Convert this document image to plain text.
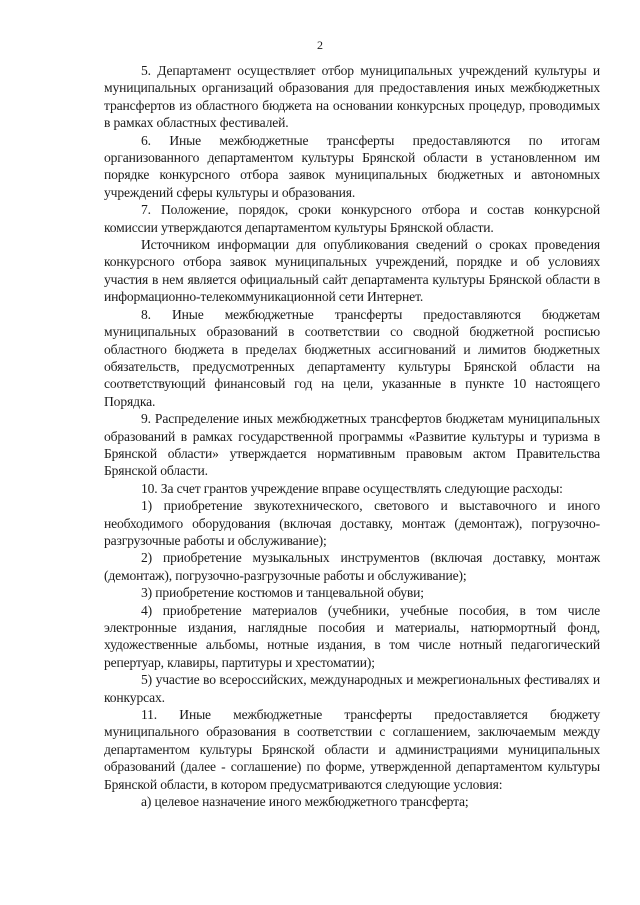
2

5. Департамент осуществляет отбор муниципальных учреждений культуры и муниципальных организаций образования для предоставления иных межбюджетных трансфертов из областного бюджета на основании конкурсных процедур, проводимых в рамках областных фестивалей.

6. Иные межбюджетные трансферты предоставляются по итогам организованного департаментом культуры Брянской области в установленном им порядке конкурсного отбора заявок муниципальных бюджетных и автономных учреждений сферы культуры и образования.

7. Положение, порядок, сроки конкурсного отбора и состав конкурсной комиссии утверждаются департаментом культуры Брянской области.

Источником информации для опубликования сведений о сроках проведения конкурсного отбора заявок муниципальных учреждений, порядке и об условиях участия в нем является официальный сайт департамента культуры Брянской области в информационно-телекоммуникационной сети Интернет.

8. Иные межбюджетные трансферты предоставляются бюджетам муниципальных образований в соответствии со сводной бюджетной росписью областного бюджета в пределах бюджетных ассигнований и лимитов бюджетных обязательств, предусмотренных департаменту культуры Брянской области на соответствующий финансовый год на цели, указанные в пункте 10 настоящего Порядка.

9. Распределение иных межбюджетных трансфертов бюджетам муниципальных образований в рамках государственной программы «Развитие культуры и туризма в Брянской области» утверждается нормативным правовым актом Правительства Брянской области.

10. За счет грантов учреждение вправе осуществлять следующие расходы:

1) приобретение звукотехнического, светового и выставочного и иного необходимого оборудования (включая доставку, монтаж (демонтаж), погрузочно-разгрузочные работы и обслуживание);

2) приобретение музыкальных инструментов (включая доставку, монтаж (демонтаж), погрузочно-разгрузочные работы и обслуживание);

3) приобретение костюмов и танцевальной обуви;

4) приобретение материалов (учебники, учебные пособия, в том числе электронные издания, наглядные пособия и материалы, натюрмортный фонд, художественные альбомы, нотные издания, в том числе нотный педагогический репертуар, клавиры, партитуры и хрестоматии);

5) участие во всероссийских, международных и межрегиональных фестивалях и конкурсах.

11. Иные межбюджетные трансферты предоставляется бюджету муниципального образования в соответствии с соглашением, заключаемым между департаментом культуры Брянской области и администрациями муниципальных образований (далее - соглашение) по форме, утвержденной департаментом культуры Брянской области, в котором предусматриваются следующие условия:

а) целевое назначение иного межбюджетного трансферта;
